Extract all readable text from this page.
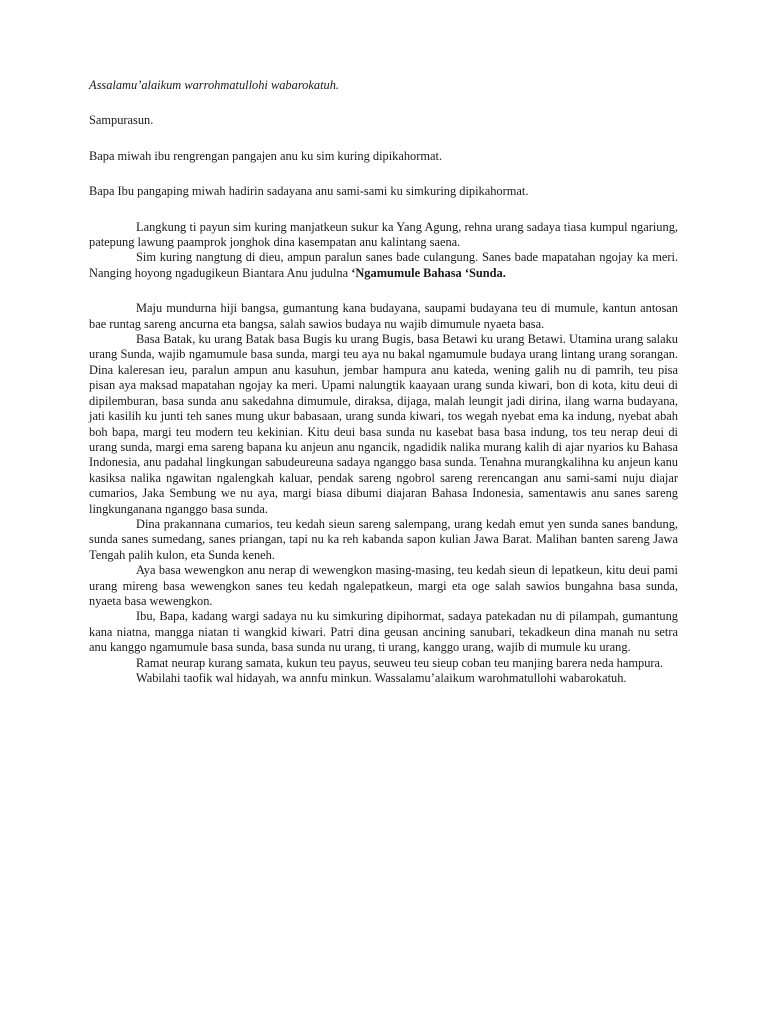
Assalamu’alaikum warrohmatullohi wabarokatuh.

Sampurasun.

Bapa miwah ibu rengrengan pangajen anu ku sim kuring dipikahormat.

Bapa Ibu pangaping miwah hadirin sadayana anu sami-sami ku simkuring dipikahormat.

Langkung ti payun sim kuring manjatkeun sukur ka Yang Agung, rehna urang sadaya tiasa kumpul ngariung, patepung lawung paamprok jonghok dina kasempatan anu kalintang saena.

Sim kuring nangtung di dieu, ampun paralun sanes bade culangung. Sanes bade mapatahan ngojay ka meri. Nanging hoyong ngadugikeun Biantara Anu judulna ‘Ngamumule Bahasa ‘Sunda.

Maju mundurna hiji bangsa, gumantung kana budayana, saupami budayana teu di mumule, kantun antosan bae runtag sareng ancurna eta bangsa, salah sawios budaya nu wajib dimumule nyaeta basa.

Basa Batak, ku urang Batak basa Bugis ku urang Bugis, basa Betawi ku urang Betawi. Utamina urang salaku urang Sunda, wajib ngamumule basa sunda, margi teu aya nu bakal ngamumule budaya urang lintang urang sorangan. Dina kaleresan ieu, paralun ampun anu kasuhun, jembar hampura anu kateda, wening galih nu di pamrih, teu pisa pisan aya maksad mapatahan ngojay ka meri. Upami nalungtik kaayaan urang sunda kiwari, bon di kota, kitu deui di dipilemburan, basa sunda anu sakedahna dimumule, diraksa, dijaga, malah leungit jadi dirina, ilang warna budayana, jati kasilih ku junti teh sanes mung ukur babasaan, urang sunda kiwari, tos wegah nyebat ema ka indung, nyebat abah boh bapa, margi teu modern teu kekinian. Kitu deui basa sunda nu kasebat basa basa indung, tos teu nerap deui di urang sunda, margi ema sareng bapana ku anjeun anu ngancik, ngadidik nalika murang kalih di ajar nyarios ku Bahasa Indonesia, anu padahal lingkungan sabudeureuna sadaya nganggo basa sunda. Tenahna murangkalihna ku anjeun kanu kasiksa nalika ngawitan ngalengkah kaluar, pendak sareng ngobrol sareng rerencangan anu sami-sami nuju diajar cumarios, Jaka Sembung we nu aya, margi biasa dibumi diajaran Bahasa Indonesia, samentawis anu sanes sareng lingkunganana nganggo basa sunda.

Dina prakannana cumarios, teu kedah sieun sareng salempang, urang kedah emut yen sunda sanes bandung, sunda sanes sumedang, sanes priangan, tapi nu ka reh kabanda sapon kulian Jawa Barat. Malihan banten sareng Jawa Tengah palih kulon, eta Sunda keneh.

Aya basa wewengkon anu nerap di wewengkon masing-masing, teu kedah sieun di lepatkeun, kitu deui pami urang mireng basa wewengkon sanes teu kedah ngalepatkeun, margi eta oge salah sawios bungahna basa sunda, nyaeta basa wewengkon.

Ibu, Bapa, kadang wargi sadaya nu ku simkuring dipihormat, sadaya patekadan nu di pilampah, gumantung kana niatna, mangga niatan ti wangkid kiwari. Patri dina geusan ancining sanubari, tekadkeun dina manah nu setra anu kanggo ngamumule basa sunda, basa sunda nu urang, ti urang, kanggo urang, wajib di mumule ku urang.

Ramat neurap kurang samata, kukun teu payus, seuweu teu sieup coban teu manjing barera neda hampura.

Wabilahi taofik wal hidayah, wa annfu minkun. Wassalamu’alaikum warohmatullohi wabarokatuh.
